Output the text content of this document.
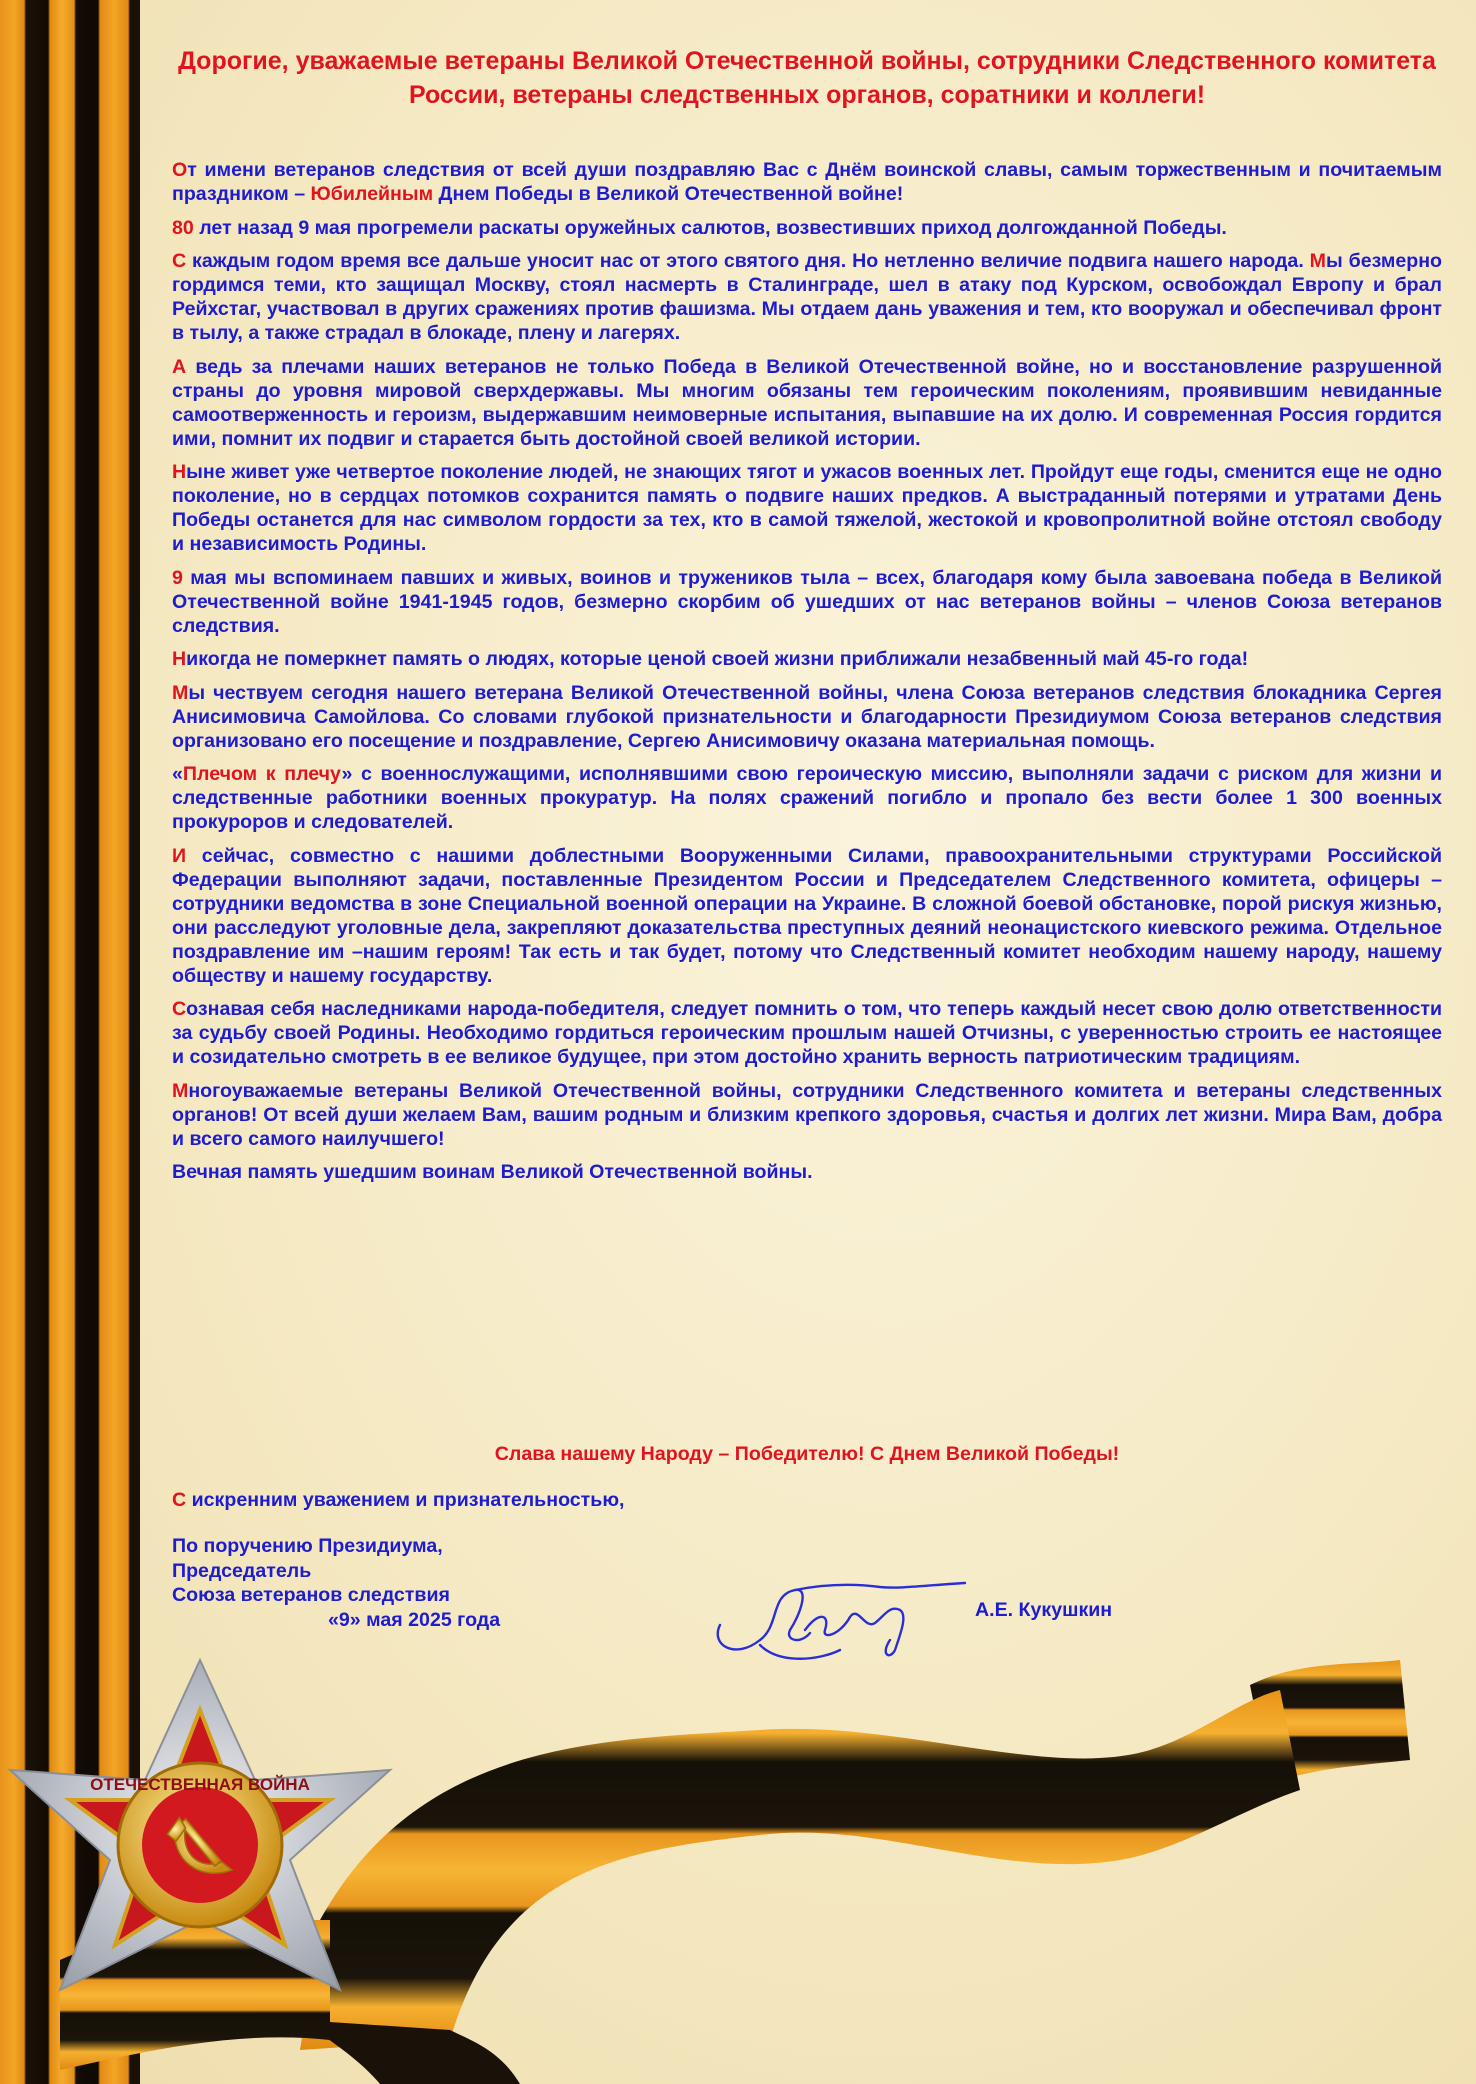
Дорогие, уважаемые ветераны Великой Отечественной войны, сотрудники Следственного комитета России, ветераны следственных органов, соратники и коллеги!

От имени ветеранов следствия от всей души поздравляю Вас с Днём воинской славы, самым торжественным и почитаемым праздником – Юбилейным Днем Победы в Великой Отечественной войне!

80 лет назад 9 мая прогремели раскаты оружейных салютов, возвестивших приход долгожданной Победы.

С каждым годом время все дальше уносит нас от этого святого дня. Но нетленно величие подвига нашего народа. Мы безмерно гордимся теми, кто защищал Москву, стоял насмерть в Сталинграде, шел в атаку под Курском, освобождал Европу и брал Рейхстаг, участвовал в других сражениях против фашизма. Мы отдаем дань уважения и тем, кто вооружал и обеспечивал фронт в тылу, а также страдал в блокаде, плену и лагерях.

А ведь за плечами наших ветеранов не только Победа в Великой Отечественной войне, но и восстановление разрушенной страны до уровня мировой сверхдержавы. Мы многим обязаны тем героическим поколениям, проявившим невиданные самоотверженность и героизм, выдержавшим неимоверные испытания, выпавшие на их долю. И современная Россия гордится ими, помнит их подвиг и старается быть достойной своей великой истории.

Ныне живет уже четвертое поколение людей, не знающих тягот и ужасов военных лет. Пройдут еще годы, сменится еще не одно поколение, но в сердцах потомков сохранится память о подвиге наших предков. А выстраданный потерями и утратами День Победы останется для нас символом гордости за тех, кто в самой тяжелой, жестокой и кровопролитной войне отстоял свободу и независимость Родины.

9 мая мы вспоминаем павших и живых, воинов и тружеников тыла – всех, благодаря кому была завоевана победа в Великой Отечественной войне 1941-1945 годов, безмерно скорбим об ушедших от нас ветеранов войны – членов Союза ветеранов следствия.

Никогда не померкнет память о людях, которые ценой своей жизни приближали незабвенный май 45-го года!

Мы чествуем сегодня нашего ветерана Великой Отечественной войны, члена Союза ветеранов следствия блокадника Сергея Анисимовича Самойлова. Со словами глубокой признательности и благодарности Президиумом Союза ветеранов следствия организовано его посещение и поздравление, Сергею Анисимовичу оказана материальная помощь.

«Плечом к плечу» с военнослужащими, исполнявшими свою героическую миссию, выполняли задачи с риском для жизни и следственные работники военных прокуратур. На полях сражений погибло и пропало без вести более 1 300 военных прокуроров и следователей.

И сейчас, совместно с нашими доблестными Вооруженными Силами, правоохранительными структурами Российской Федерации выполняют задачи, поставленные Президентом России и Председателем Следственного комитета, офицеры – сотрудники ведомства в зоне Специальной военной операции на Украине. В сложной боевой обстановке, порой рискуя жизнью, они расследуют уголовные дела, закрепляют доказательства преступных деяний неонацистского киевского режима. Отдельное поздравление им –нашим героям! Так есть и так будет, потому что Следственный комитет необходим нашему народу, нашему обществу и нашему государству.

Сознавая себя наследниками народа-победителя, следует помнить о том, что теперь каждый несет свою долю ответственности за судьбу своей Родины. Необходимо гордиться героическим прошлым нашей Отчизны, с уверенностью строить ее настоящее и созидательно смотреть в ее великое будущее, при этом достойно хранить верность патриотическим традициям.

Многоуважаемые ветераны Великой Отечественной войны, сотрудники Следственного комитета и ветераны следственных органов! От всей души желаем Вам, вашим родным и близким крепкого здоровья, счастья и долгих лет жизни. Мира Вам, добра и всего самого наилучшего!

Вечная память ушедшим воинам Великой Отечественной войны.

Слава нашему Народу – Победителю! С Днем Великой Победы!
С искренним уважением и признательностью,
По поручению Президиума,
Председатель
Союза ветеранов следствия
«9» мая 2025 года	А.Е. Кукушкин
ОТЕЧЕСТВЕННАЯ ВОЙНА
